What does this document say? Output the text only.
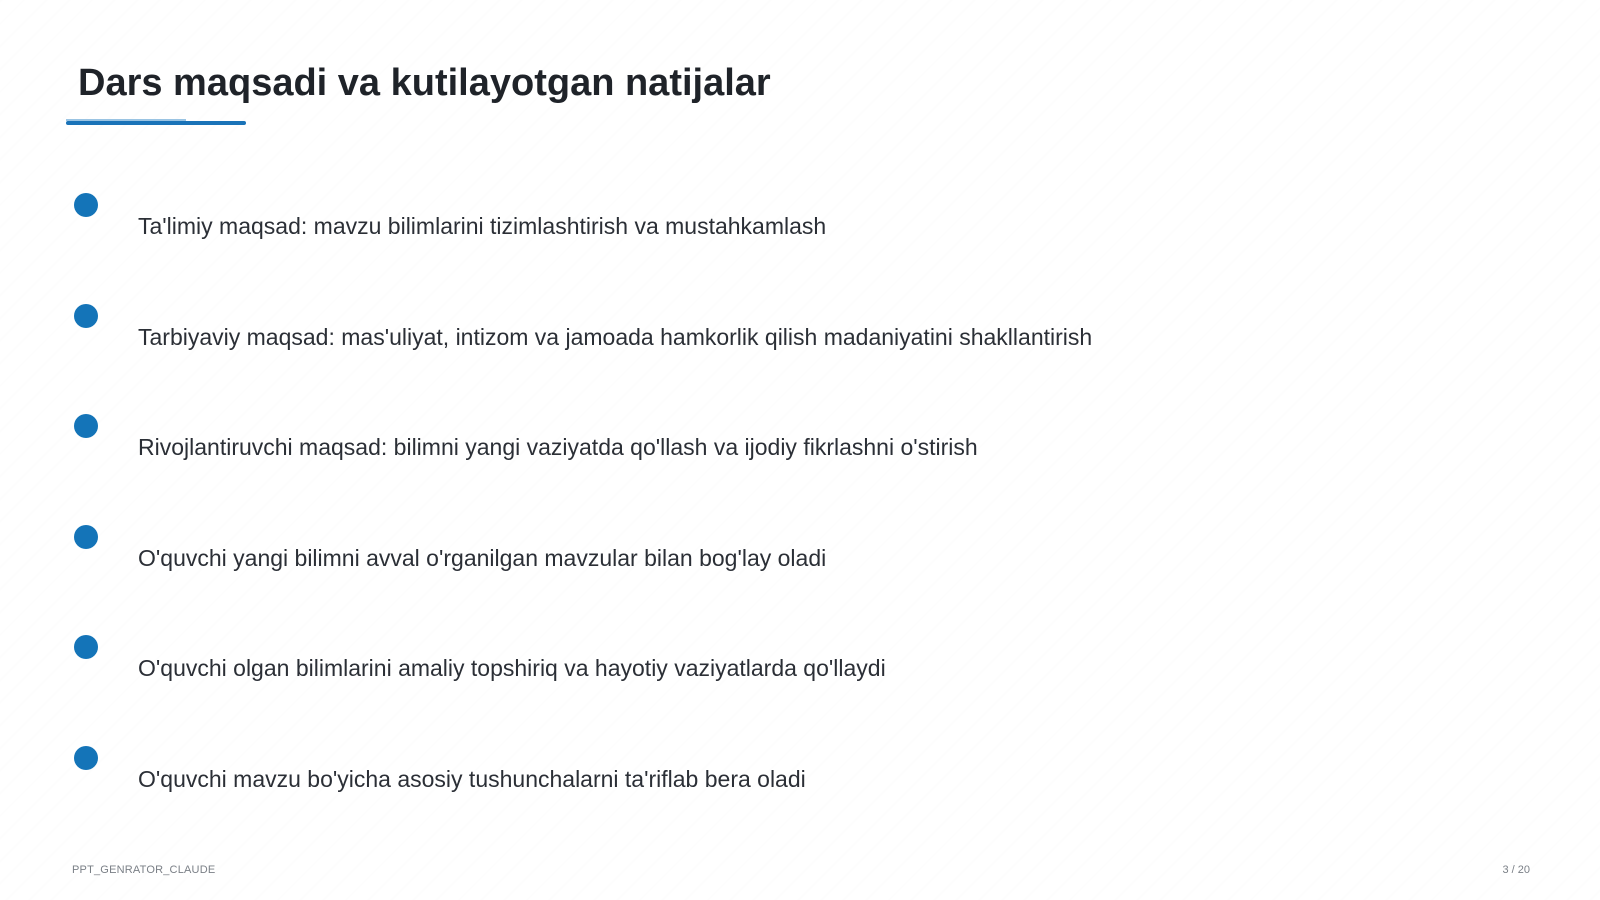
Dars maqsadi va kutilayotgan natijalar
Ta'limiy maqsad: mavzu bilimlarini tizimlashtirish va mustahkamlash
Tarbiyaviy maqsad: mas'uliyat, intizom va jamoada hamkorlik qilish madaniyatini shakllantirish
Rivojlantiruvchi maqsad: bilimni yangi vaziyatda qo'llash va ijodiy fikrlashni o'stirish
O'quvchi yangi bilimni avval o'rganilgan mavzular bilan bog'lay oladi
O'quvchi olgan bilimlarini amaliy topshiriq va hayotiy vaziyatlarda qo'llaydi
O'quvchi mavzu bo'yicha asosiy tushunchalarni ta'riflab bera oladi
PPT_GENRATOR_CLAUDE	3 / 20
